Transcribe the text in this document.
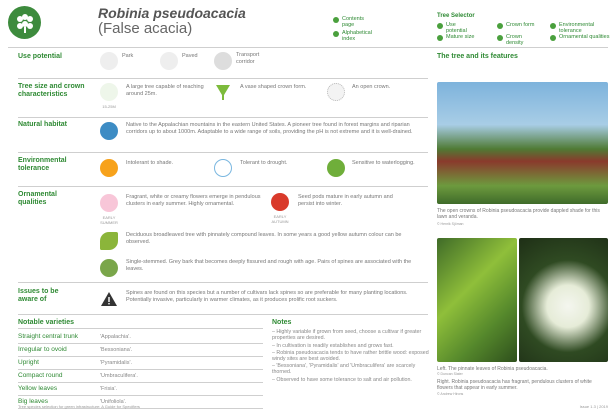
Robinia pseudoacacia
(False acacia)
Contents page
Alphabetical index
Tree Selector
Use potential
Mature size
Crown form
Crown density
Environmental tolerance
Ornamental qualities
Use potential	Park	Paved	Transport corridor
Tree size and crown characteristics
15-25M
A large tree capable of reaching around 25m.
A vase shaped crown form.	An open crown.
Natural habitat	Native to the Appalachian mountains in the eastern United States. A pioneer tree found in forest margins and riparian corridors up to about 1000m. Adaptable to a wide range of soils, providing the pH is not extreme and it is well-drained.
Environmental tolerance
Intolerant to shade.	Tolerant to drought.	Sensitive to waterlogging.
Ornamental qualities
EARLY SUMMER
Fragrant, white or creamy flowers emerge in pendulous clusters in early summer. Highly ornamental.
EARLY AUTUMN
Seed pods mature in early autumn and persist into winter.
Deciduous broadleaved tree with pinnately compound leaves. In some years a good yellow autumn colour can be observed.
Single-stemmed. Grey bark that becomes deeply fissured and rough with age. Pairs of spines are associated with the leaves.
Issues to be aware of
Spines are found on this species but a number of cultivars lack spines so are preferable for many planting locations. Potentially invasive, particularly in warmer climates, as it produces prolific root suckers.
Notable varieties
Straight central trunk	'Appalachia'.
Irregular to ovoid	'Bessoniana'.
Upright	'Pyramidalis'.
Compact round	'Umbraculifera'.
Yellow leaves	'Frisia'.
Big leaves	'Unifoliola'.
Notes
– Highly variable if grown from seed, choose a cultivar if greater properties are desired.
– In cultivation is readily establishes and grows fast.
– Robinia pseudoacacia tends to have rather brittle wood: exposed windy sites are best avoided.
– 'Bessoniana', 'Pyramidalis' and 'Umbraculifera' are scarcely thorned.
– Observed to have some tolerance to salt and air pollution.
The tree and its features
The open crowns of Robinia pseudoacacia provide dappled shade for this lawn and veranda.
© Henrik Sjöman
Left. The pinnate leaves of Robinia pseudoacacia.
© Duncan Slater
Right. Robinia pseudoacacia has fragrant, pendulous clusters of white flowers that appear in early summer.
© Andrew Hirons
Tree species selection for green infrastructure: A Guide for Specifiers	Issue 1.3 | 2019
